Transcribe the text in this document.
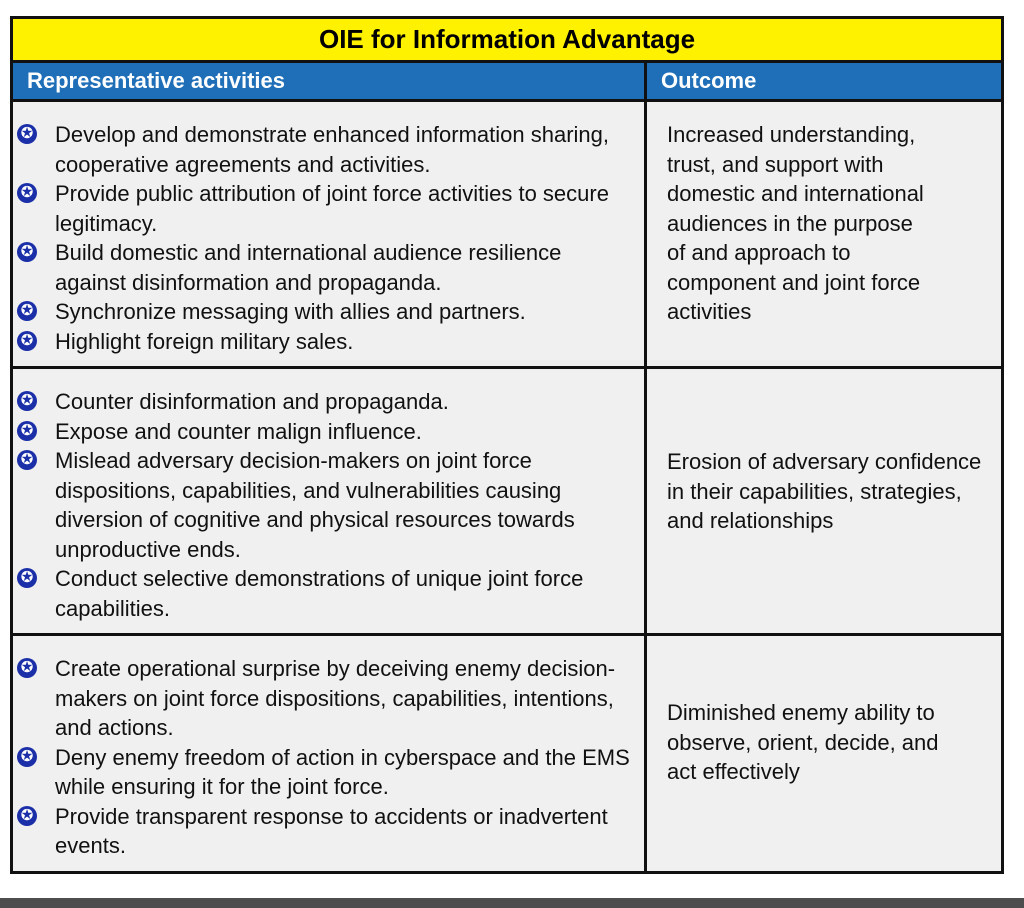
OIE for Information Advantage
Representative activities	Outcome
✪ Develop and demonstrate enhanced information sharing, cooperative agreements and activities.
✪ Provide public attribution of joint force activities to secure legitimacy.
✪ Build domestic and international audience resilience against disinformation and propaganda.
✪ Synchronize messaging with allies and partners.
✪ Highlight foreign military sales.
Increased understanding, trust, and support with domestic and international audiences in the purpose of and approach to component and joint force activities
✪ Counter disinformation and propaganda.
✪ Expose and counter malign influence.
✪ Mislead adversary decision-makers on joint force dispositions, capabilities, and vulnerabilities causing diversion of cognitive and physical resources towards unproductive ends.
✪ Conduct selective demonstrations of unique joint force capabilities.
Erosion of adversary confidence in their capabilities, strategies, and relationships
✪ Create operational surprise by deceiving enemy decision-makers on joint force dispositions, capabilities, intentions, and actions.
✪ Deny enemy freedom of action in cyberspace and the EMS while ensuring it for the joint force.
✪ Provide transparent response to accidents or inadvertent events.
Diminished enemy ability to observe, orient, decide, and act effectively
